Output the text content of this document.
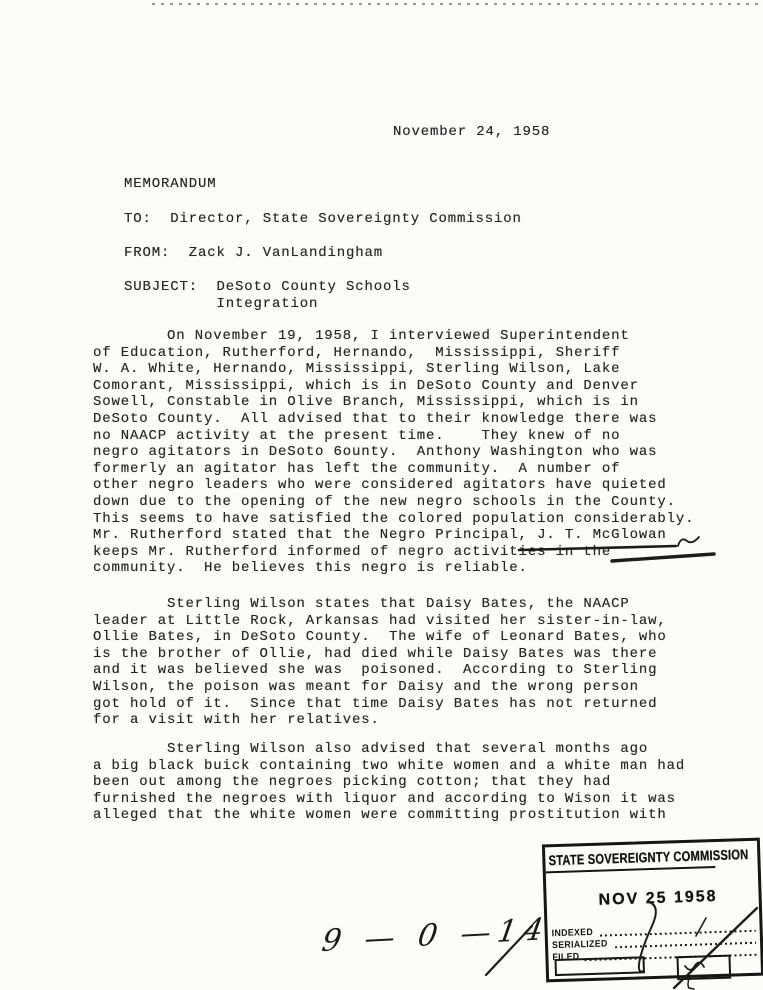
November 24, 1958
MEMORANDUM
TO:  Director, State Sovereignty Commission
FROM:  Zack J. VanLandingham
SUBJECT:  DeSoto County Schools
Integration
On November 19, 1958, I interviewed Superintendent
of Education, Rutherford, Hernando,  Mississippi, Sheriff
W. A. White, Hernando, Mississippi, Sterling Wilson, Lake
Comorant, Mississippi, which is in DeSoto County and Denver
Sowell, Constable in Olive Branch, Mississippi, which is in
DeSoto County.  All advised that to their knowledge there was
no NAACP activity at the present time.    They knew of no
negro agitators in DeSoto 6ounty.  Anthony Washington who was
formerly an agitator has left the community.  A number of
other negro leaders who were considered agitators have quieted
down due to the opening of the new negro schools in the County.
This seems to have satisfied the colored population considerably.
Mr. Rutherford stated that the Negro Principal, J. T. McGlowan
keeps Mr. Rutherford informed of negro activities in the
community.  He believes this negro is reliable.
Sterling Wilson states that Daisy Bates, the NAACP
leader at Little Rock, Arkansas had visited her sister-in-law,
Ollie Bates, in DeSoto County.  The wife of Leonard Bates, who
is the brother of Ollie, had died while Daisy Bates was there
and it was believed she was  poisoned.  According to Sterling
Wilson, the poison was meant for Daisy and the wrong person
got hold of it.  Since that time Daisy Bates has not returned
for a visit with her relatives.
Sterling Wilson also advised that several months ago
a big black buick containing two white women and a white man had
been out among the negroes picking cotton; that they had
furnished the negroes with liquor and according to Wison it was
alleged that the white women were committing prostitution with
9 — 0 —14
STATE SOVEREIGNTY COMMISSION
NOV 25 1958
INDEXED
SERIALIZED
FILED
